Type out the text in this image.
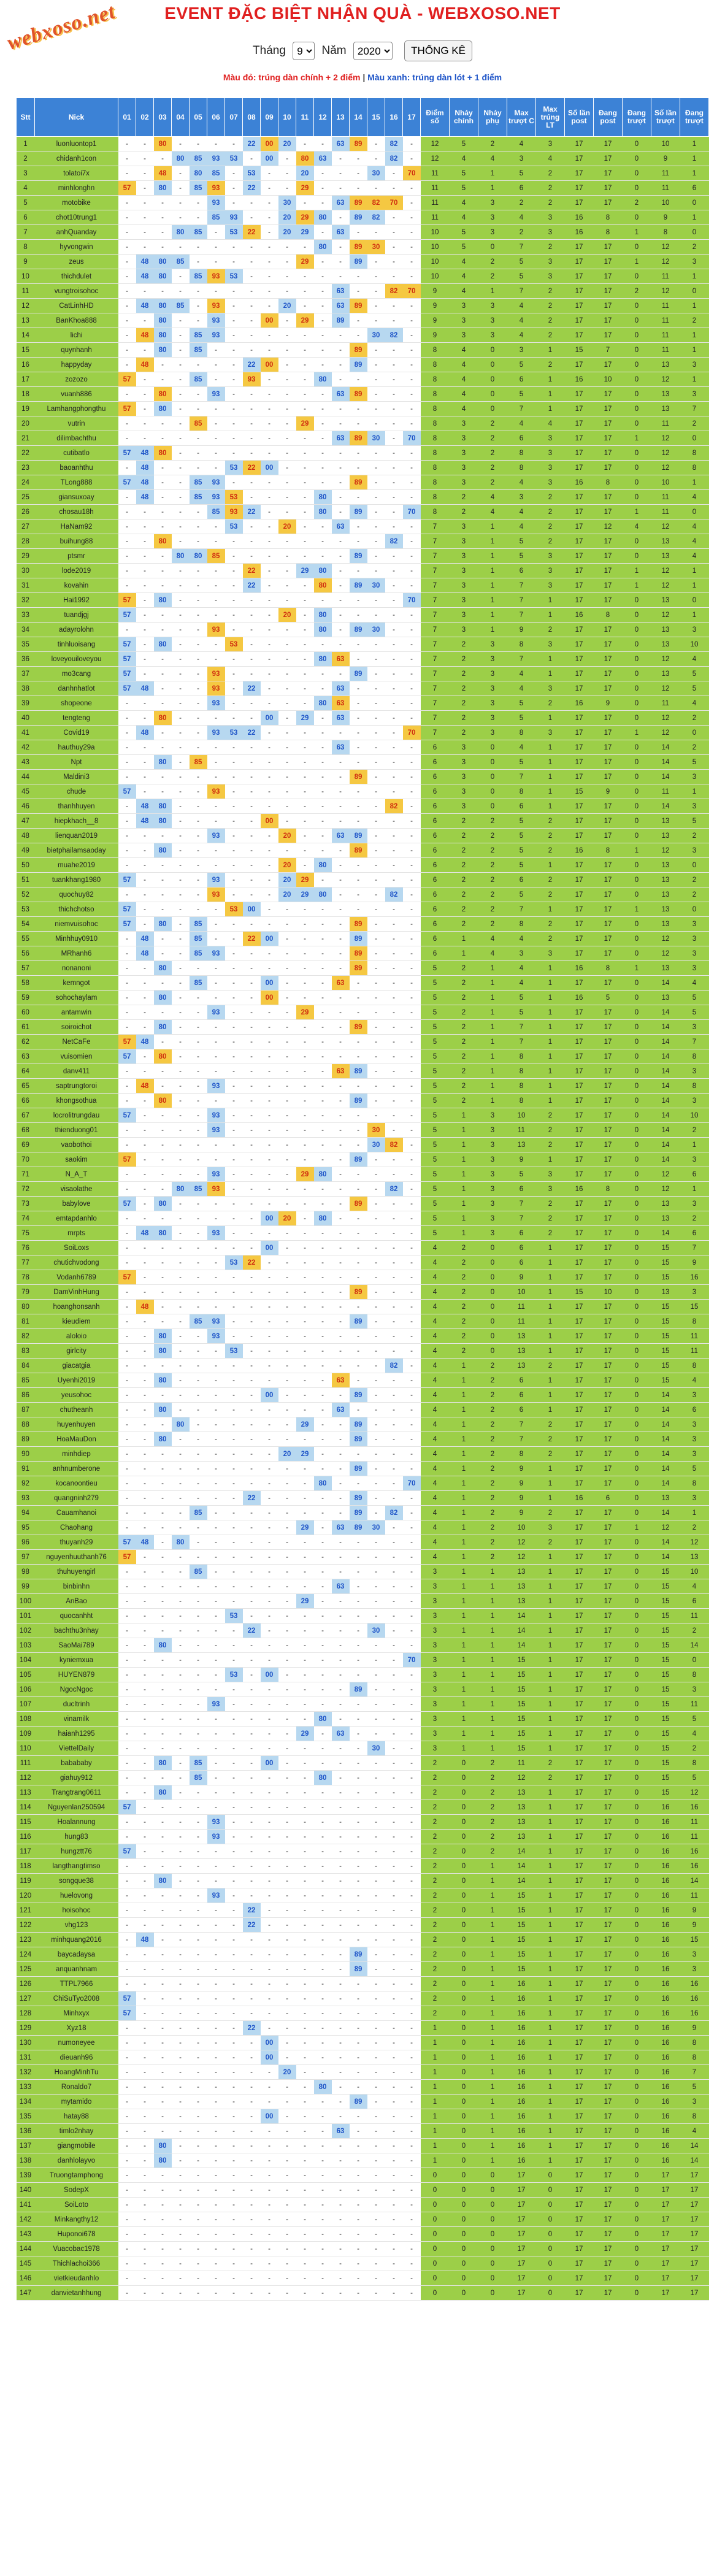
webxoso.net	EVENT ĐẶC BIỆT NHẬN QUÀ - WEBXOSO.NET
Tháng
9	Năm
2020	THỐNG KÊ
Màu đỏ: trúng dàn chính + 2 điểm | Màu xanh: trúng dàn lót + 1 điểm
Stt	Nick	01	02	03	04	05	06	07	08	09	10	11	12	13	14	15	16	17	Điểm số	Nháy chính	Nháy phụ	Max trượt C	Max trúng LT	Số lần post	Đang post	Đang trượt	Số lần trượt	Đang trượt
1	luonluontop1	-	-	80	-	-	-	-	22	00	20	-	-	63	89	-	82	-	12	5	2	4	3	17	17	0	10	1
2	chidanh1con	-	-	-	80	85	93	53	-	00	-	80	63	-	-	-	82	-	12	4	4	3	4	17	17	0	9	1
3	tolatoi7x	-	-	48	-	80	85	-	53	-	-	20	-	-	-	30	-	70	11	5	1	5	2	17	17	0	11	1
4	minhlonghn	57	-	80	-	85	93	-	22	-	-	29	-	-	-	-	-	-	11	5	1	6	2	17	17	0	11	6
5	motobike	-	-	-	-	-	93	-	-	-	30	-	-	63	89	82	70	-	11	4	3	2	2	17	17	2	10	0
6	chot10trung1	-	-	-	-	-	85	93	-	-	20	29	80	-	89	82	-	-	11	4	3	4	3	16	8	0	9	1
7	anhQuanday	-	-	-	80	85	-	53	22	-	20	29	-	63	-	-	-	-	10	5	3	2	3	16	8	1	8	0
8	hyvongwin	-	-	-	-	-	-	-	-	-	-	-	80	-	89	30	-	-	10	5	0	7	2	17	17	0	12	2
9	zeus	-	48	80	85	-	-	-	-	-	-	29	-	-	89	-	-	-	10	4	2	5	3	17	17	1	12	3
10	thichdulet	-	48	80	-	85	93	53	-	-	-	-	-	-	-	-	-	-	10	4	2	5	3	17	17	0	11	1
11	vungtroisohoc	-	-	-	-	-	-	-	-	-	-	-	-	63	-	-	82	70	9	4	1	7	2	17	17	2	12	0
12	CatLinhHD	-	48	80	85	-	93	-	-	-	20	-	-	63	89	-	-	-	9	3	3	4	2	17	17	0	11	1
13	BanKhoa888	-	-	80	-	-	93	-	-	00	-	29	-	89	-	-	-	-	9	3	3	4	2	17	17	0	11	2
14	lichi	-	48	80	-	85	93	-	-	-	-	-	-	-	-	30	82	-	9	3	3	4	2	17	17	0	11	1
15	quynhanh	-	-	80	-	85	-	-	-	-	-	-	-	-	89	-	-	-	8	4	0	3	1	15	7	0	11	1
16	happyday	-	48	-	-	-	-	-	22	00	-	-	-	-	89	-	-	-	8	4	0	5	2	17	17	0	13	3
17	zozozo	57	-	-	-	85	-	-	93	-	-	-	80	-	-	-	-	-	8	4	0	6	1	16	10	0	12	1
18	vuanh886	-	-	80	-	-	93	-	-	-	-	-	-	63	89	-	-	-	8	4	0	5	1	17	17	0	13	3
19	Lamhangphongthu	57	-	80	-	-	-	-	-	-	-	-	-	-	-	-	-	-	8	4	0	7	1	17	17	0	13	7
20	vutrin	-	-	-	-	85	-	-	-	-	-	29	-	-	-	-	-	-	8	3	2	4	4	17	17	0	11	2
21	dilimbachthu	-	-	-	-	-	-	-	-	-	-	-	-	63	89	30	-	70	8	3	2	6	3	17	17	1	12	0
22	cutibatlo	57	48	80	-	-	-	-	-	-	-	-	-	-	-	-	-	-	8	3	2	8	3	17	17	0	12	8
23	baoanhthu	-	48	-	-	-	-	53	22	00	-	-	-	-	-	-	-	-	8	3	2	8	3	17	17	0	12	8
24	TLong888	57	48	-	-	85	93	-	-	-	-	-	-	-	89	-	-	-	8	3	2	4	3	16	8	0	10	1
25	giansuxoay	-	48	-	-	85	93	53	-	-	-	-	80	-	-	-	-	-	8	2	4	3	2	17	17	0	11	4
26	chosau18h	-	-	-	-	-	85	93	22	-	-	-	80	-	89	-	-	70	8	2	4	4	2	17	17	1	11	0
27	HaNam92	-	-	-	-	-	-	53	-	-	20	-	-	63	-	-	-	-	7	3	1	4	2	17	12	4	12	4
28	buihung88	-	-	80	-	-	-	-	-	-	-	-	-	-	-	-	82	-	7	3	1	5	2	17	17	0	13	4
29	ptsmr	-	-	-	80	80	85	-	-	-	-	-	-	-	89	-	-	-	7	3	1	5	3	17	17	0	13	4
30	lode2019	-	-	-	-	-	-	-	22	-	-	29	80	-	-	-	-	-	7	3	1	6	3	17	17	1	12	1
31	kovahin	-	-	-	-	-	-	-	22	-	-	-	80	-	89	30	-	-	7	3	1	7	3	17	17	1	12	1
32	Hai1992	57	-	80	-	-	-	-	-	-	-	-	-	-	-	-	-	70	7	3	1	7	1	17	17	0	13	0
33	tuandjgj	57	-	-	-	-	-	-	-	-	20	-	80	-	-	-	-	-	7	3	1	7	1	16	8	0	12	1
34	adayrolohn	-	-	-	-	-	93	-	-	-	-	-	80	-	89	30	-	-	7	3	1	9	2	17	17	0	13	3
35	tinhluoisang	57	-	80	-	-	-	53	-	-	-	-	-	-	-	-	-	-	7	2	3	8	3	17	17	0	13	10
36	loveyouiloveyou	57	-	-	-	-	-	-	-	-	-	-	80	63	-	-	-	-	7	2	3	7	1	17	17	0	12	4
37	mo3cang	57	-	-	-	-	93	-	-	-	-	-	-	-	89	-	-	-	7	2	3	4	1	17	17	0	13	5
38	danhnhatlot	57	48	-	-	-	93	-	22	-	-	-	-	63	-	-	-	-	7	2	3	4	3	17	17	0	12	5
39	shopeone	-	-	-	-	-	93	-	-	-	-	-	80	63	-	-	-	-	7	2	3	5	2	16	9	0	11	4
40	tengteng	-	-	80	-	-	-	-	-	00	-	29	-	63	-	-	-	-	7	2	3	5	1	17	17	0	12	2
41	Covid19	-	48	-	-	-	93	53	22	-	-	-	-	-	-	-	-	70	7	2	3	8	3	17	17	1	12	0
42	hauthuy29a	-	-	-	-	-	-	-	-	-	-	-	-	63	-	-	-	-	6	3	0	4	1	17	17	0	14	2
43	Npt	-	-	80	-	85	-	-	-	-	-	-	-	-	-	-	-	-	6	3	0	5	1	17	17	0	14	5
44	Maldini3	-	-	-	-	-	-	-	-	-	-	-	-	-	89	-	-	-	6	3	0	7	1	17	17	0	14	3
45	chude	57	-	-	-	-	93	-	-	-	-	-	-	-	-	-	-	-	6	3	0	8	1	15	9	0	11	1
46	thanhhuyen	-	48	80	-	-	-	-	-	-	-	-	-	-	-	-	82	-	6	3	0	6	1	17	17	0	14	3
47	hiepkhach__8	-	48	80	-	-	-	-	-	00	-	-	-	-	-	-	-	-	6	2	2	5	2	17	17	0	13	5
48	lienquan2019	-	-	-	-	-	93	-	-	-	20	-	-	63	89	-	-	-	6	2	2	5	2	17	17	0	13	2
49	bietphailamsaoday	-	-	80	-	-	-	-	-	-	-	-	-	-	89	-	-	-	6	2	2	5	2	16	8	1	12	3
50	muahe2019	-	-	-	-	-	-	-	-	-	20	-	80	-	-	-	-	-	6	2	2	5	1	17	17	0	13	0
51	tuankhang1980	57	-	-	-	-	93	-	-	-	20	29	-	-	-	-	-	-	6	2	2	6	2	17	17	0	13	2
52	quochuy82	-	-	-	-	-	93	-	-	-	20	29	80	-	-	-	82	-	6	2	2	5	2	17	17	0	13	2
53	thichchotso	57	-	-	-	-	-	53	00	-	-	-	-	-	-	-	-	-	6	2	2	7	1	17	17	1	13	0
54	niemvuisohoc	57	-	80	-	85	-	-	-	-	-	-	-	-	89	-	-	-	6	2	2	8	2	17	17	0	13	3
55	Minhhuy0910	-	48	-	-	85	-	-	22	00	-	-	-	-	89	-	-	-	6	1	4	4	2	17	17	0	12	3
56	MRhanh6	-	48	-	-	85	93	-	-	-	-	-	-	-	89	-	-	-	6	1	4	3	3	17	17	0	12	3
57	nonanoni	-	-	80	-	-	-	-	-	-	-	-	-	-	89	-	-	-	5	2	1	4	1	16	8	1	13	3
58	kemngot	-	-	-	-	85	-	-	-	00	-	-	-	63	-	-	-	-	5	2	1	4	1	17	17	0	14	4
59	sohochaylam	-	-	80	-	-	-	-	-	00	-	-	-	-	-	-	-	-	5	2	1	5	1	16	5	0	13	5
60	antamwin	-	-	-	-	-	93	-	-	-	-	29	-	-	-	-	-	-	5	2	1	5	1	17	17	0	14	5
61	soiroichot	-	-	80	-	-	-	-	-	-	-	-	-	-	89	-	-	-	5	2	1	7	1	17	17	0	14	3
62	NetCaFe	57	48	-	-	-	-	-	-	-	-	-	-	-	-	-	-	-	5	2	1	7	1	17	17	0	14	7
63	vuisomien	57	-	80	-	-	-	-	-	-	-	-	-	-	-	-	-	-	5	2	1	8	1	17	17	0	14	8
64	danv411	-	-	-	-	-	-	-	-	-	-	-	-	63	89	-	-	-	5	2	1	8	1	17	17	0	14	3
65	saptrungtoroi	-	48	-	-	-	93	-	-	-	-	-	-	-	-	-	-	-	5	2	1	8	1	17	17	0	14	8
66	khongsothua	-	-	80	-	-	-	-	-	-	-	-	-	-	89	-	-	-	5	2	1	8	1	17	17	0	14	3
67	locrolitrungdau	57	-	-	-	-	93	-	-	-	-	-	-	-	-	-	-	-	5	1	3	10	2	17	17	0	14	10
68	thienduong01	-	-	-	-	-	93	-	-	-	-	-	-	-	-	30	-	-	5	1	3	11	2	17	17	0	14	2
69	vaobothoi	-	-	-	-	-	-	-	-	-	-	-	-	-	-	30	82	-	5	1	3	13	2	17	17	0	14	1
70	saokim	57	-	-	-	-	-	-	-	-	-	-	-	-	89	-	-	-	5	1	3	9	1	17	17	0	14	3
71	N_A_T	-	-	-	-	-	93	-	-	-	-	29	80	-	-	-	-	-	5	1	3	5	3	17	17	0	12	6
72	visaolathe	-	-	-	80	85	93	-	-	-	-	-	-	-	-	-	82	-	5	1	3	6	3	16	8	0	12	1
73	babylove	57	-	80	-	-	-	-	-	-	-	-	-	-	89	-	-	-	5	1	3	7	2	17	17	0	13	3
74	emtapdanhlo	-	-	-	-	-	-	-	-	00	20	-	80	-	-	-	-	-	5	1	3	7	2	17	17	0	13	2
75	mrpts	-	48	80	-	-	93	-	-	-	-	-	-	-	-	-	-	-	5	1	3	6	2	17	17	0	14	6
76	SoiLoxs	-	-	-	-	-	-	-	-	00	-	-	-	-	-	-	-	-	4	2	0	6	1	17	17	0	15	7
77	chutichvodong	-	-	-	-	-	-	53	22	-	-	-	-	-	-	-	-	-	4	2	0	6	1	17	17	0	15	9
78	Vodanh6789	57	-	-	-	-	-	-	-	-	-	-	-	-	-	-	-	-	4	2	0	9	1	17	17	0	15	16
79	DamVinhHung	-	-	-	-	-	-	-	-	-	-	-	-	-	89	-	-	-	4	2	0	10	1	15	10	0	13	3
80	hoanghonsanh	-	48	-	-	-	-	-	-	-	-	-	-	-	-	-	-	-	4	2	0	11	1	17	17	0	15	15
81	kieudiem	-	-	-	-	85	93	-	-	-	-	-	-	-	89	-	-	-	4	2	0	11	1	17	17	0	15	8
82	aloloio	-	-	80	-	-	93	-	-	-	-	-	-	-	-	-	-	-	4	2	0	13	1	17	17	0	15	11
83	girlcity	-	-	80	-	-	-	53	-	-	-	-	-	-	-	-	-	-	4	2	0	13	1	17	17	0	15	11
84	giacatgia	-	-	-	-	-	-	-	-	-	-	-	-	-	-	-	82	-	4	1	2	13	2	17	17	0	15	8
85	Uyenhi2019	-	-	80	-	-	-	-	-	-	-	-	-	63	-	-	-	-	4	1	2	6	1	17	17	0	15	4
86	yeusohoc	-	-	-	-	-	-	-	-	00	-	-	-	-	89	-	-	-	4	1	2	6	1	17	17	0	14	3
87	chutheanh	-	-	80	-	-	-	-	-	-	-	-	-	63	-	-	-	-	4	1	2	6	1	17	17	0	14	6
88	huyenhuyen	-	-	-	80	-	-	-	-	-	-	29	-	-	89	-	-	-	4	1	2	7	2	17	17	0	14	3
89	HoaMauDon	-	-	80	-	-	-	-	-	-	-	-	-	-	89	-	-	-	4	1	2	7	2	17	17	0	14	3
90	minhdiep	-	-	-	-	-	-	-	-	-	20	29	-	-	-	-	-	-	4	1	2	8	2	17	17	0	14	3
91	anhnumberone	-	-	-	-	-	-	-	-	-	-	-	-	-	89	-	-	-	4	1	2	9	1	17	17	0	14	5
92	kocanoontieu	-	-	-	-	-	-	-	-	-	-	-	80	-	-	-	-	70	4	1	2	9	1	17	17	0	14	8
93	quangninh279	-	-	-	-	-	-	-	22	-	-	-	-	-	89	-	-	-	4	1	2	9	1	16	6	0	13	3
94	Cauamhanoi	-	-	-	-	85	-	-	-	-	-	-	-	-	89	-	82	-	4	1	2	9	2	17	17	0	14	1
95	Chaohang	-	-	-	-	-	-	-	-	-	-	29	-	63	89	30	-	-	4	1	2	10	3	17	17	1	12	2
96	thuyanh29	57	48	-	80	-	-	-	-	-	-	-	-	-	-	-	-	-	4	1	2	12	2	17	17	0	14	12
97	nguyenhuuthanh76	57	-	-	-	-	-	-	-	-	-	-	-	-	-	-	-	-	4	1	2	12	1	17	17	0	14	13
98	thuhuyengirl	-	-	-	-	85	-	-	-	-	-	-	-	-	-	-	-	-	3	1	1	13	1	17	17	0	15	10
99	binbinhn	-	-	-	-	-	-	-	-	-	-	-	-	63	-	-	-	-	3	1	1	13	1	17	17	0	15	4
100	AnBao	-	-	-	-	-	-	-	-	-	-	29	-	-	-	-	-	-	3	1	1	13	1	17	17	0	15	6
101	quocanhht	-	-	-	-	-	-	53	-	-	-	-	-	-	-	-	-	-	3	1	1	14	1	17	17	0	15	11
102	bachthu3nhay	-	-	-	-	-	-	-	22	-	-	-	-	-	-	30	-	-	3	1	1	14	1	17	17	0	15	2
103	SaoMai789	-	-	80	-	-	-	-	-	-	-	-	-	-	-	-	-	-	3	1	1	14	1	17	17	0	15	14
104	kyniemxua	-	-	-	-	-	-	-	-	-	-	-	-	-	-	-	-	70	3	1	1	15	1	17	17	0	15	0
105	HUYEN879	-	-	-	-	-	-	53	-	00	-	-	-	-	-	-	-	-	3	1	1	15	1	17	17	0	15	8
106	NgocNgoc	-	-	-	-	-	-	-	-	-	-	-	-	-	89	-	-	-	3	1	1	15	1	17	17	0	15	3
107	ducltrinh	-	-	-	-	-	93	-	-	-	-	-	-	-	-	-	-	-	3	1	1	15	1	17	17	0	15	11
108	vinamilk	-	-	-	-	-	-	-	-	-	-	-	80	-	-	-	-	-	3	1	1	15	1	17	17	0	15	5
109	haianh1295	-	-	-	-	-	-	-	-	-	-	29	-	63	-	-	-	-	3	1	1	15	1	17	17	0	15	4
110	ViettelDaily	-	-	-	-	-	-	-	-	-	-	-	-	-	-	30	-	-	3	1	1	15	1	17	17	0	15	2
111	babababy	-	-	80	-	85	-	-	-	00	-	-	-	-	-	-	-	-	2	0	2	11	2	17	17	0	15	8
112	giahuy912	-	-	-	-	85	-	-	-	-	-	-	80	-	-	-	-	-	2	0	2	12	2	17	17	0	15	5
113	Trangtrang0611	-	-	80	-	-	-	-	-	-	-	-	-	-	-	-	-	-	2	0	2	13	1	17	17	0	15	12
114	Nguyenlan250594	57	-	-	-	-	-	-	-	-	-	-	-	-	-	-	-	-	2	0	2	13	1	17	17	0	16	16
115	Hoalannung	-	-	-	-	-	93	-	-	-	-	-	-	-	-	-	-	-	2	0	2	13	1	17	17	0	16	11
116	hung83	-	-	-	-	-	93	-	-	-	-	-	-	-	-	-	-	-	2	0	2	13	1	17	17	0	16	11
117	hungztt76	57	-	-	-	-	-	-	-	-	-	-	-	-	-	-	-	-	2	0	2	14	1	17	17	0	16	16
118	langthangtimso	-	-	-	-	-	-	-	-	-	-	-	-	-	-	-	-	-	2	0	1	14	1	17	17	0	16	16
119	songque38	-	-	80	-	-	-	-	-	-	-	-	-	-	-	-	-	-	2	0	1	14	1	17	17	0	16	14
120	huelovong	-	-	-	-	-	93	-	-	-	-	-	-	-	-	-	-	-	2	0	1	15	1	17	17	0	16	11
121	hoisohoc	-	-	-	-	-	-	-	22	-	-	-	-	-	-	-	-	-	2	0	1	15	1	17	17	0	16	9
122	vhg123	-	-	-	-	-	-	-	22	-	-	-	-	-	-	-	-	-	2	0	1	15	1	17	17	0	16	9
123	minhquang2016	-	48	-	-	-	-	-	-	-	-	-	-	-	-	-	-	-	2	0	1	15	1	17	17	0	16	15
124	baycadaysa	-	-	-	-	-	-	-	-	-	-	-	-	-	89	-	-	-	2	0	1	15	1	17	17	0	16	3
125	anquanhnam	-	-	-	-	-	-	-	-	-	-	-	-	-	89	-	-	-	2	0	1	15	1	17	17	0	16	3
126	TTPL7966	-	-	-	-	-	-	-	-	-	-	-	-	-	-	-	-	-	2	0	1	16	1	17	17	0	16	16
127	ChiSuTyo2008	57	-	-	-	-	-	-	-	-	-	-	-	-	-	-	-	-	2	0	1	16	1	17	17	0	16	16
128	Minhxyx	57	-	-	-	-	-	-	-	-	-	-	-	-	-	-	-	-	2	0	1	16	1	17	17	0	16	16
129	Xyz18	-	-	-	-	-	-	-	22	-	-	-	-	-	-	-	-	-	1	0	1	16	1	17	17	0	16	9
130	numoneyee	-	-	-	-	-	-	-	-	00	-	-	-	-	-	-	-	-	1	0	1	16	1	17	17	0	16	8
131	dieuanh96	-	-	-	-	-	-	-	-	00	-	-	-	-	-	-	-	-	1	0	1	16	1	17	17	0	16	8
132	HoangMinhTu	-	-	-	-	-	-	-	-	-	20	-	-	-	-	-	-	-	1	0	1	16	1	17	17	0	16	7
133	Ronaldo7	-	-	-	-	-	-	-	-	-	-	-	80	-	-	-	-	-	1	0	1	16	1	17	17	0	16	5
134	mytamido	-	-	-	-	-	-	-	-	-	-	-	-	-	89	-	-	-	1	0	1	16	1	17	17	0	16	3
135	hatay88	-	-	-	-	-	-	-	-	00	-	-	-	-	-	-	-	-	1	0	1	16	1	17	17	0	16	8
136	timlo2nhay	-	-	-	-	-	-	-	-	-	-	-	-	63	-	-	-	-	1	0	1	16	1	17	17	0	16	4
137	giangmobile	-	-	80	-	-	-	-	-	-	-	-	-	-	-	-	-	-	1	0	1	16	1	17	17	0	16	14
138	danhlolayvo	-	-	80	-	-	-	-	-	-	-	-	-	-	-	-	-	-	1	0	1	16	1	17	17	0	16	14
139	Truongtamphong	-	-	-	-	-	-	-	-	-	-	-	-	-	-	-	-	-	0	0	0	17	0	17	17	0	17	17
140	SodepX	-	-	-	-	-	-	-	-	-	-	-	-	-	-	-	-	-	0	0	0	17	0	17	17	0	17	17
141	SoiLoto	-	-	-	-	-	-	-	-	-	-	-	-	-	-	-	-	-	0	0	0	17	0	17	17	0	17	17
142	Minkangthy12	-	-	-	-	-	-	-	-	-	-	-	-	-	-	-	-	-	0	0	0	17	0	17	17	0	17	17
143	Huponoi678	-	-	-	-	-	-	-	-	-	-	-	-	-	-	-	-	-	0	0	0	17	0	17	17	0	17	17
144	Vuacobac1978	-	-	-	-	-	-	-	-	-	-	-	-	-	-	-	-	-	0	0	0	17	0	17	17	0	17	17
145	Thichlachoi366	-	-	-	-	-	-	-	-	-	-	-	-	-	-	-	-	-	0	0	0	17	0	17	17	0	17	17
146	vietkieudanhlo	-	-	-	-	-	-	-	-	-	-	-	-	-	-	-	-	-	0	0	0	17	0	17	17	0	17	17
147	danvietanhhung	-	-	-	-	-	-	-	-	-	-	-	-	-	-	-	-	-	0	0	0	17	0	17	17	0	17	17
